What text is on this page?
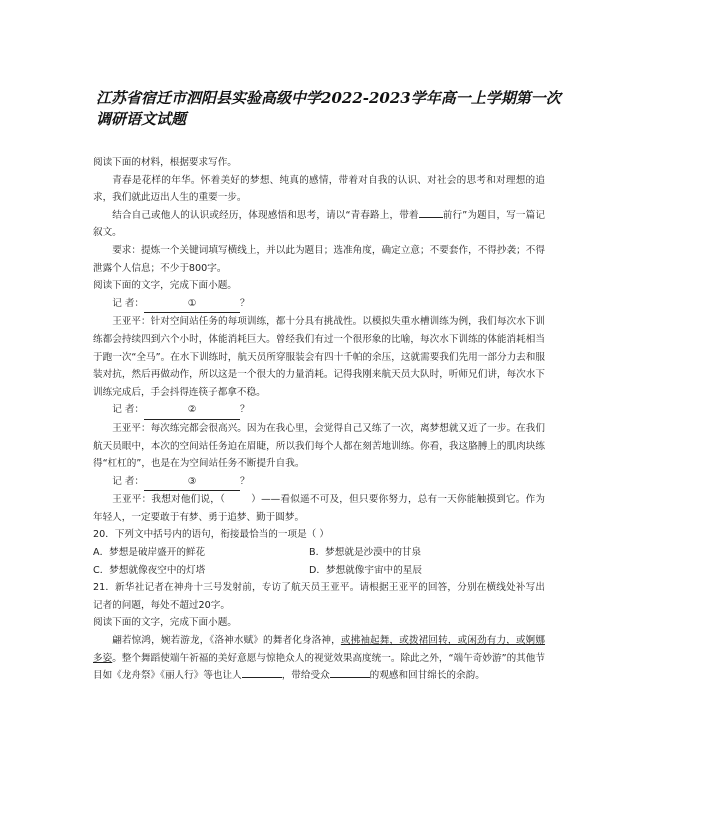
江苏省宿迁市泗阳县实验高级中学2022-2023学年高一上学期第一次调研语文试题

阅读下面的材料，根据要求写作。

青春是花样的年华。怀着美好的梦想、纯真的感情，带着对自我的认识、对社会的思考和对理想的追求，我们就此迈出人生的重要一步。

结合自己或他人的认识或经历，体现感悟和思考，请以“青春路上，带着	前行”为题目，写一篇记叙文。

要求：提炼一个关键词填写横线上，并以此为题目；选准角度，确定立意；不要套作，不得抄袭；不得泄露个人信息；不少于800字。

阅读下面的文字，完成下面小题。

记 者：	①	？

王亚平：针对空间站任务的每项训练，都十分具有挑战性。以模拟失重水槽训练为例，我们每次水下训练都会持续四到六个小时，体能消耗巨大。曾经我们有过一个很形象的比喻，每次水下训练的体能消耗相当于跑一次“全马”。在水下训练时，航天员所穿服装会有四十千帕的余压，这就需要我们先用一部分力去和服装对抗，然后再做动作，所以这是一个很大的力量消耗。记得我刚来航天员大队时，听师兄们讲，每次水下训练完成后，手会抖得连筷子都拿不稳。

记 者：	②	？

王亚平：每次练完都会很高兴。因为在我心里，会觉得自己又练了一次，离梦想就又近了一步。在我们航天员眼中，本次的空间站任务迫在眉睫，所以我们每个人都在刻苦地训练。你看，我这胳膊上的肌肉块练得“杠杠的”，也是在为空间站任务不断提升自我。

记 者：	③	？

王亚平：我想对他们说，（	）——看似遥不可及，但只要你努力，总有一天你能触摸到它。作为年轻人，一定要敢于有梦、勇于追梦、勤于圆梦。

20．下列文中括号内的语句，衔接最恰当的一项是（ ）

A．梦想是破岸盛开的鲜花	B．梦想就是沙漠中的甘泉
C．梦想就像夜空中的灯塔	D．梦想就像宇宙中的星辰

21．新华社记者在神舟十三号发射前，专访了航天员王亚平。请根据王亚平的回答，分别在横线处补写出记者的问题，每处不超过20字。

阅读下面的文字，完成下面小题。

翩若惊鸿，婉若游龙，《洛神水赋》的舞者化身洛神，或拂袖起舞，或拨裙回转，或闲劲有力，或婀娜多姿。整个舞蹈使端午祈福的美好意愿与惊艳众人的视觉效果高度统一。除此之外，“端午奇妙游”的其他节目如《龙舟祭》《丽人行》等也让人	，带给受众	的观感和回甘绵长的余韵。
